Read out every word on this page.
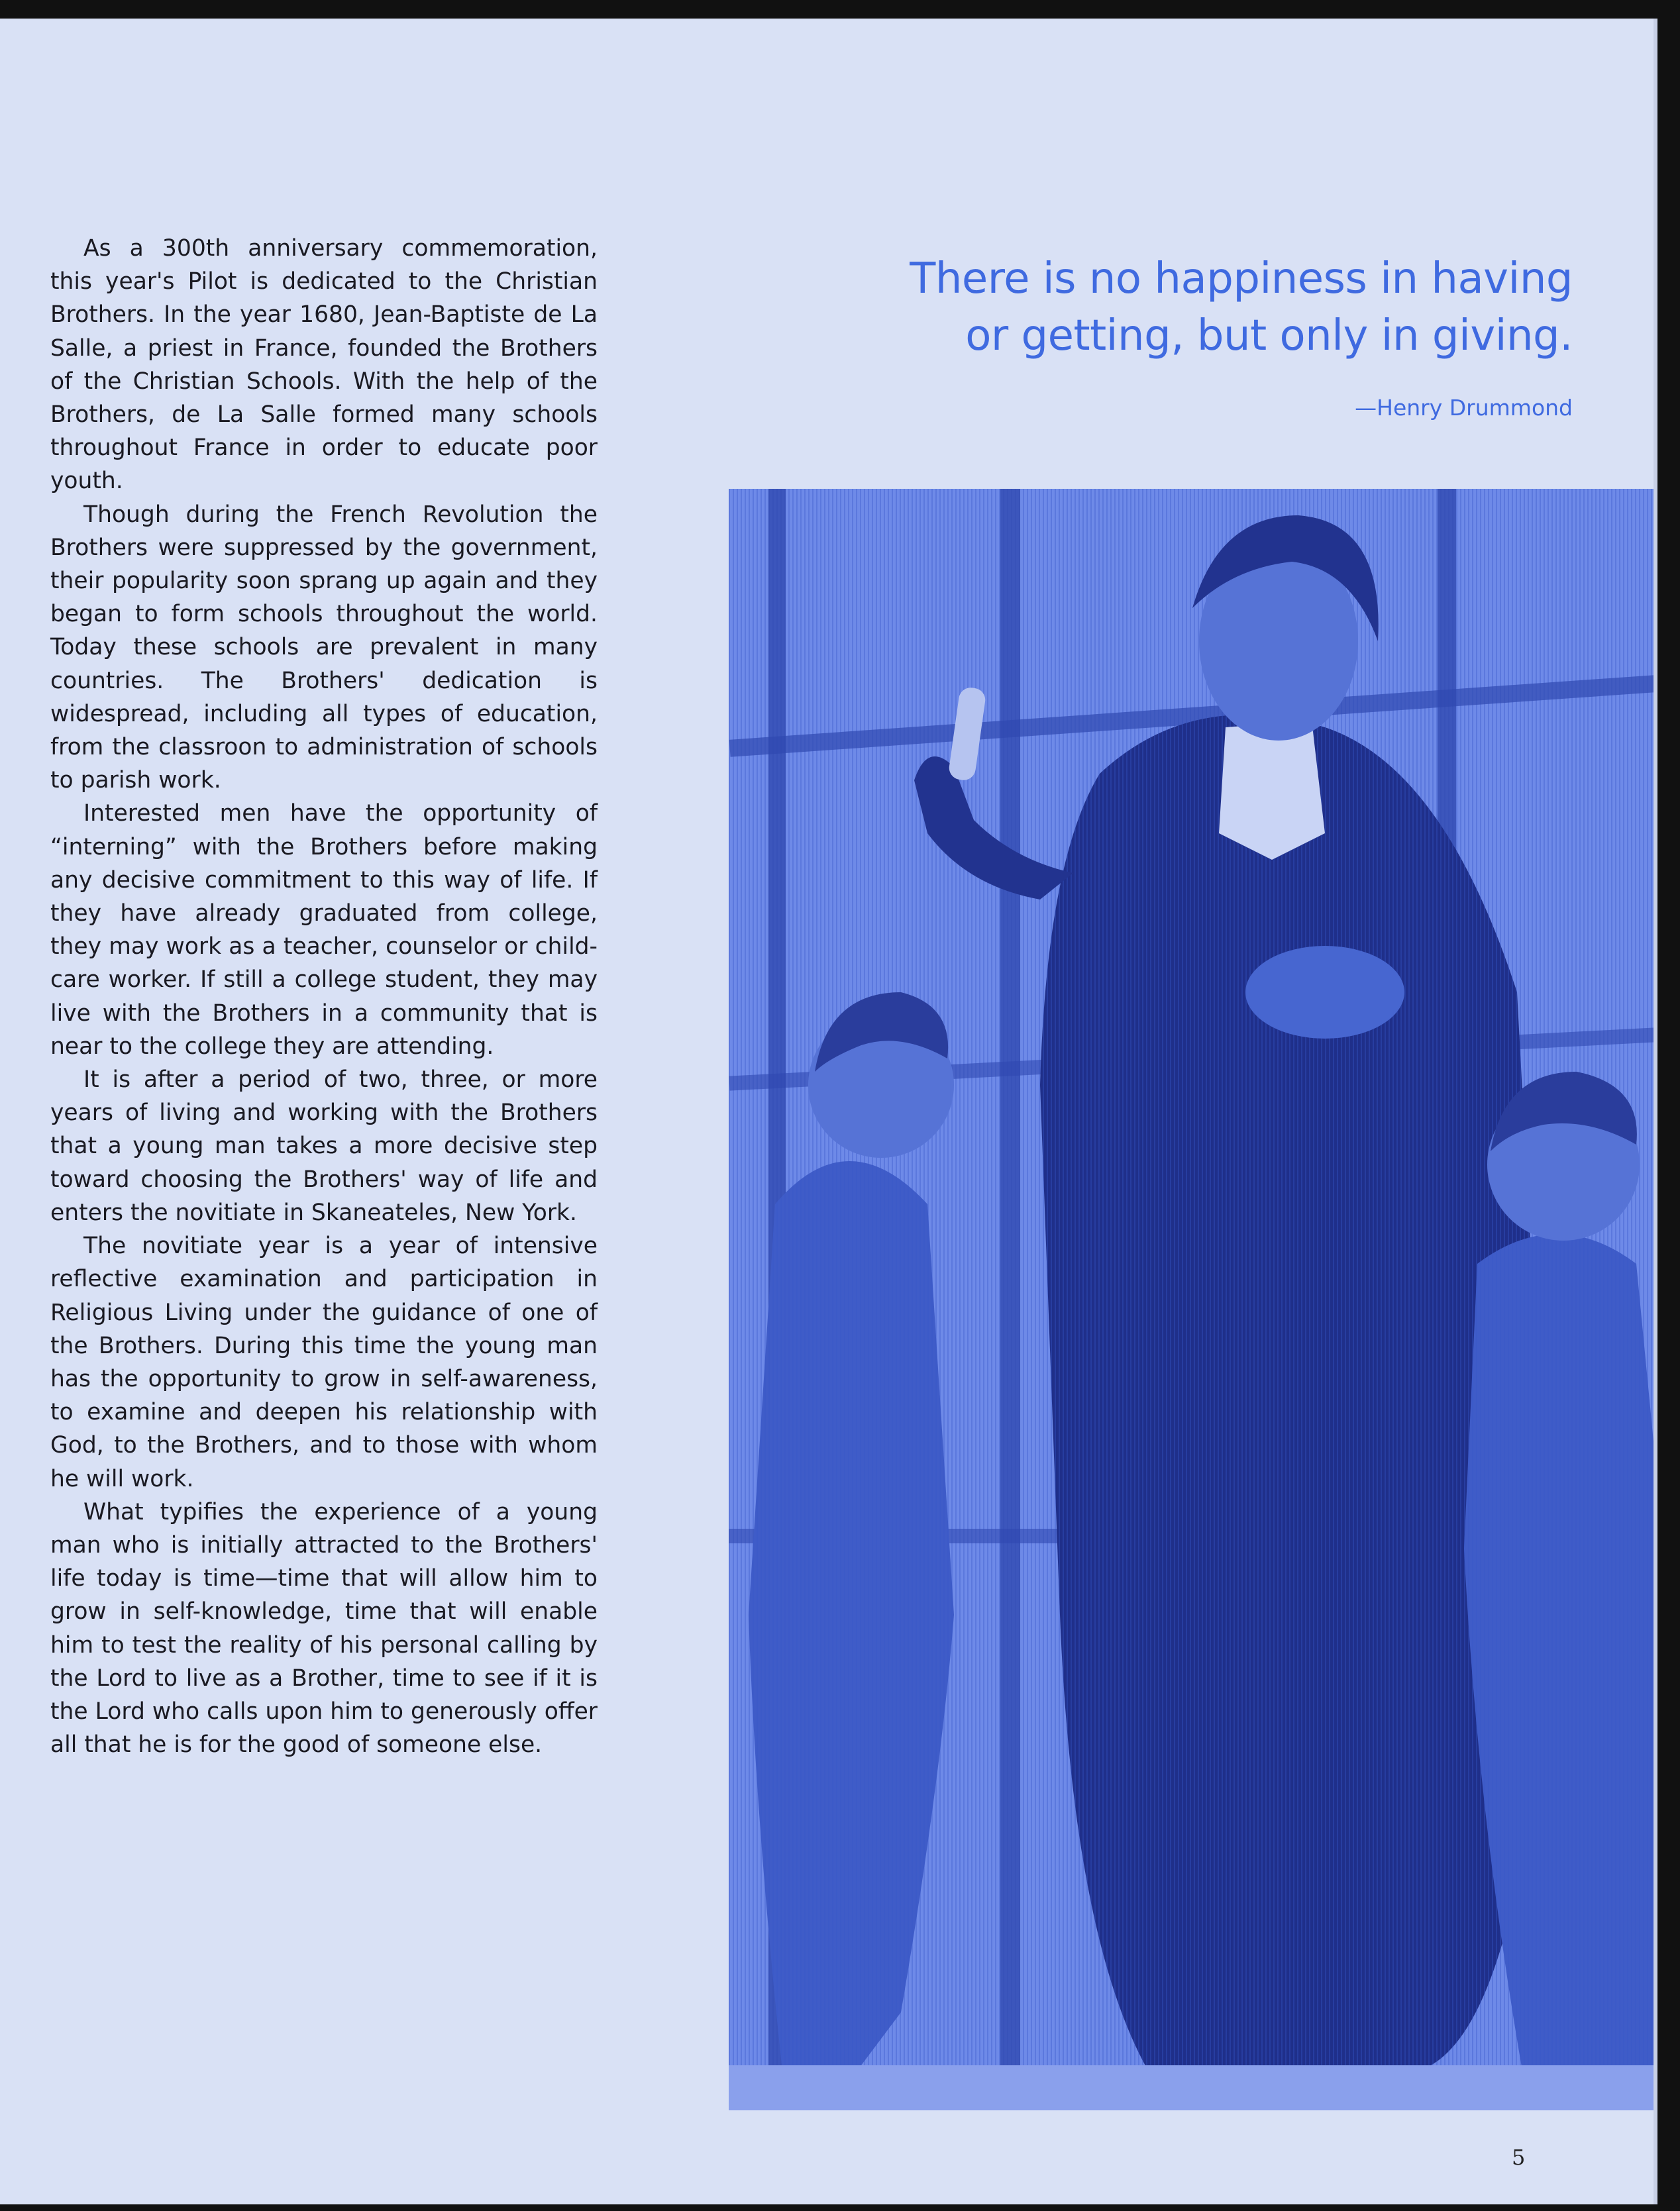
As a 300th anniversary commemoration, this year's Pilot is dedicated to the Christian Brothers. In the year 1680, Jean-Baptiste de La Salle, a priest in France, founded the Brothers of the Christian Schools. With the help of the Brothers, de La Salle formed many schools throughout France in order to educate poor youth.

Though during the French Revolution the Brothers were suppressed by the government, their popularity soon sprang up again and they began to form schools throughout the world. Today these schools are prevalent in many countries. The Brothers' dedication is widespread, including all types of education, from the classroon to administration of schools to parish work.

Interested men have the opportunity of “interning” with the Brothers before making any decisive commitment to this way of life. If they have already graduated from college, they may work as a teacher, counselor or child-care worker. If still a college student, they may live with the Brothers in a community that is near to the college they are attending.

It is after a period of two, three, or more years of living and working with the Brothers that a young man takes a more decisive step toward choosing the Brothers' way of life and enters the novitiate in Skaneateles, New York.

The novitiate year is a year of intensive reflective examination and participation in Religious Living under the guidance of one of the Brothers. During this time the young man has the opportunity to grow in self-awareness, to examine and deepen his relationship with God, to the Brothers, and to those with whom he will work.

What typifies the experience of a young man who is initially attracted to the Brothers' life today is time—time that will allow him to grow in self-knowledge, time that will enable him to test the reality of his personal calling by the Lord to live as a Brother, time to see if it is the Lord who calls upon him to generously offer all that he is for the good of someone else.

There is no happiness in having
or getting, but only in giving.
—Henry Drummond
5
